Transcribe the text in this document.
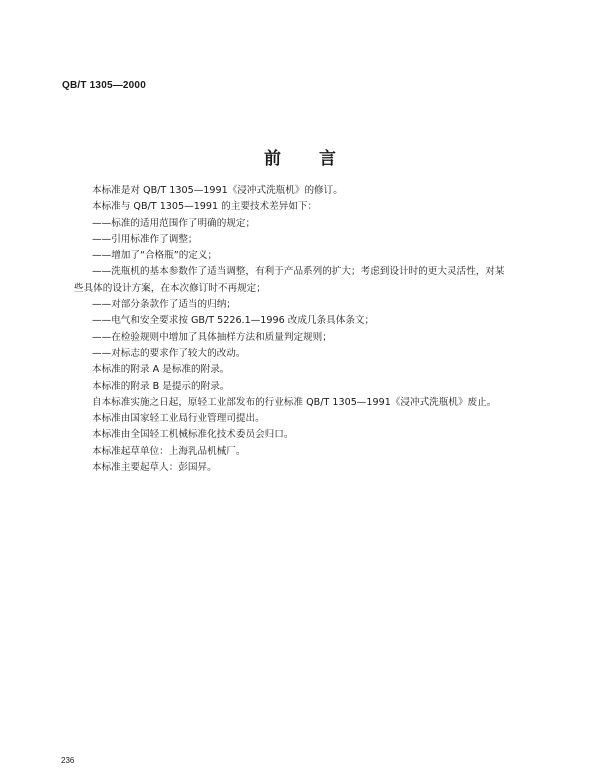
QB/T 1305—2000
前言

本标准是对 QB/T 1305—1991《浸冲式洗瓶机》的修订。

本标准与 QB/T 1305—1991 的主要技术差异如下：

——标准的适用范围作了明确的规定；

——引用标准作了调整；

——增加了“合格瓶”的定义；

——洗瓶机的基本参数作了适当调整，有利于产品系列的扩大；考虑到设计时的更大灵活性，对某

些具体的设计方案，在本次修订时不再规定；

——对部分条款作了适当的归纳；

——电气和安全要求按 GB/T 5226.1—1996 改成几条具体条文；

——在检验规则中增加了具体抽样方法和质量判定规则；

——对标志的要求作了较大的改动。

本标准的附录 A 是标准的附录。

本标准的附录 B 是提示的附录。

自本标准实施之日起，原轻工业部发布的行业标准 QB/T 1305—1991《浸冲式洗瓶机》废止。

本标准由国家轻工业局行业管理司提出。

本标准由全国轻工机械标准化技术委员会归口。

本标准起草单位：上海乳品机械厂。

本标准主要起草人：彭国昇。

236
